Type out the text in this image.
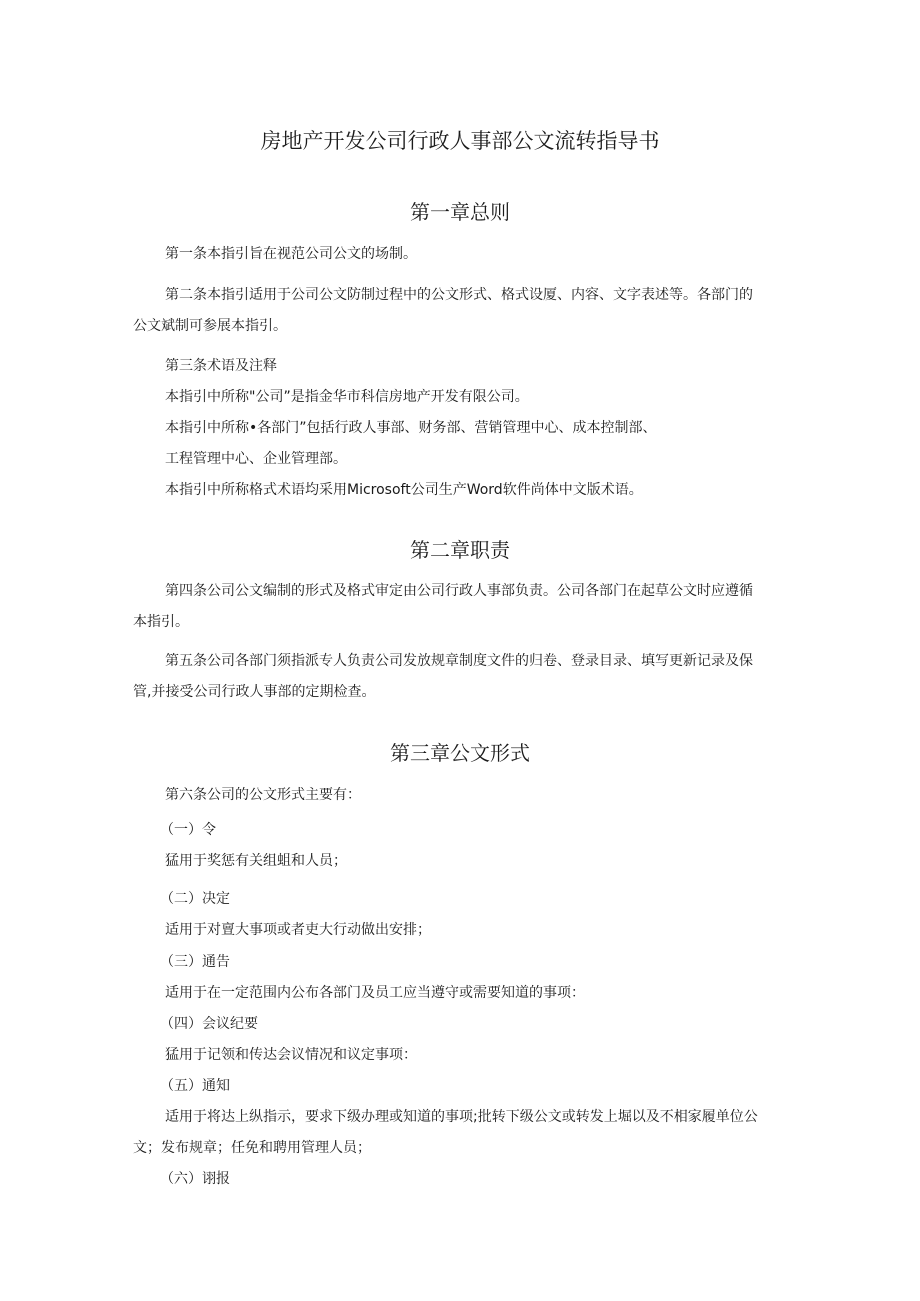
房地产开发公司行政人事部公文流转指导书
第一章总则
第一条本指引旨在视范公司公文的场制。
第二条本指引适用于公司公文防制过程中的公文形式、格式设厦、内容、文字表述等。各部门的
公文斌制可参展本指引。
第三条术语及注释
本指引中所称"公司”是指金华市科信房地产开发有限公司。
本指引中所称•各部门”包括行政人事部、财务部、营销管理中心、成本控制部、
工程管理中心、企业管理部。
本指引中所称格式术语均采用Microsoft公司生产Word软件尚体中文版术语。
第二章职责
第四条公司公文编制的形式及格式审定由公司行政人事部负责。公司各部门在起草公文时应遵循
本指引。
第五条公司各部门须指派专人负责公司发放规章制度文件的归卷、登录目录、填写更新记录及保
管,并接受公司行政人事部的定期检查。
第三章公文形式
第六条公司的公文形式主要有：
（一）令
猛用于奖惩有关组蛆和人员；
（二）决定
适用于对亶大事项或者吏大行动做出安排；
（三）通告
适用于在一定范围内公布各部门及员工应当遵守或需要知道的事项：
（四）会议纪要
猛用于记领和传达会议情况和议定事项：
（五）通知
适用于将达上纵指示，要求下级办理或知道的事项;批转下级公文或转发上堀以及不相家履单位公
文；发布规章；任免和聘用管理人员；
（六）诩报
